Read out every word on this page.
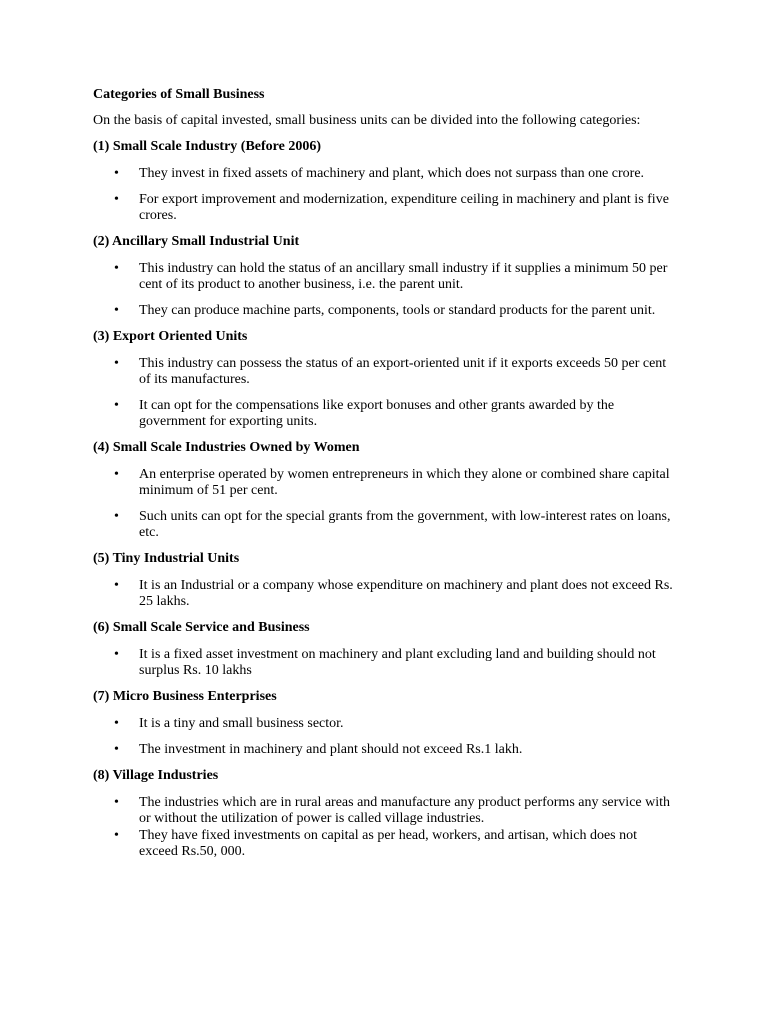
Categories of Small Business
On the basis of capital invested, small business units can be divided into the following categories:
(1) Small Scale Industry (Before 2006)
• They invest in fixed assets of machinery and plant, which does not surpass than one crore.
• For export improvement and modernization, expenditure ceiling in machinery and plant is five crores.
(2) Ancillary Small Industrial Unit
• This industry can hold the status of an ancillary small industry if it supplies a minimum 50 per cent of its product to another business, i.e. the parent unit.
• They can produce machine parts, components, tools or standard products for the parent unit.
(3) Export Oriented Units
• This industry can possess the status of an export-oriented unit if it exports exceeds 50 per cent of its manufactures.
• It can opt for the compensations like export bonuses and other grants awarded by the government for exporting units.
(4) Small Scale Industries Owned by Women
• An enterprise operated by women entrepreneurs in which they alone or combined share capital minimum of 51 per cent.
• Such units can opt for the special grants from the government, with low-interest rates on loans, etc.
(5) Tiny Industrial Units
• It is an Industrial or a company whose expenditure on machinery and plant does not exceed Rs. 25 lakhs.
(6) Small Scale Service and Business
• It is a fixed asset investment on machinery and plant excluding land and building should not surplus Rs. 10 lakhs
(7) Micro Business Enterprises
• It is a tiny and small business sector.
• The investment in machinery and plant should not exceed Rs.1 lakh.
(8) Village Industries
• The industries which are in rural areas and manufacture any product performs any service with or without the utilization of power is called village industries.
• They have fixed investments on capital as per head, workers, and artisan, which does not exceed Rs.50, 000.
